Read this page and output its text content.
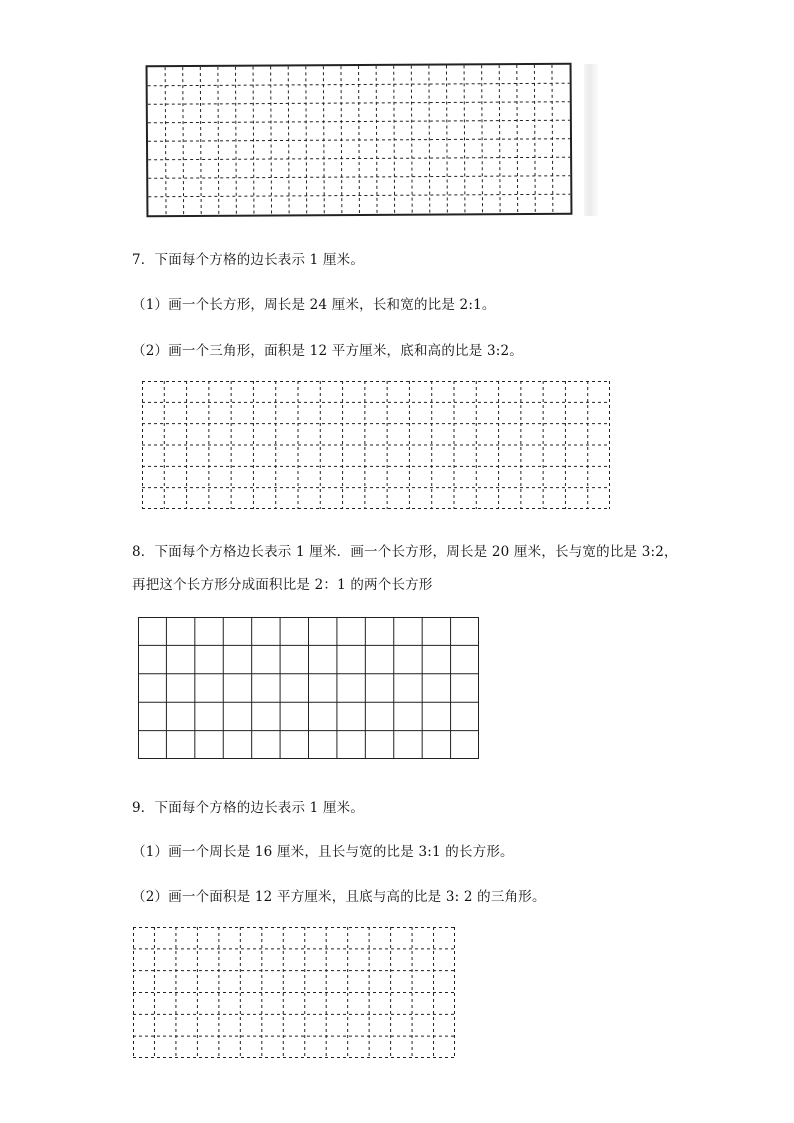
7．下面每个方格的边长表示 1 厘米。
（1）画一个长方形，周长是 24 厘米，长和宽的比是 2:1。
（2）画一个三角形，面积是 12 平方厘米，底和高的比是 3:2。
8．下面每个方格边长表示 1 厘米．画一个长方形，周长是 20 厘米，长与宽的比是 3:2，
再把这个长方形分成面积比是 2：1 的两个长方形
9．下面每个方格的边长表示 1 厘米。
（1）画一个周长是 16 厘米，且长与宽的比是 3:1 的长方形。
（2）画一个面积是 12 平方厘米，且底与高的比是 3: 2 的三角形。
